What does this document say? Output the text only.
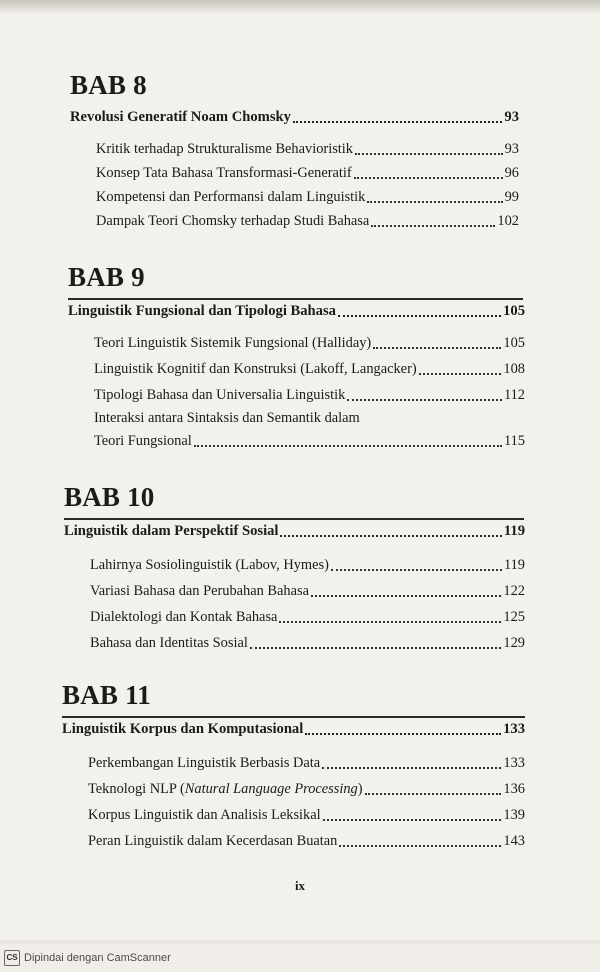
BAB 8
Revolusi Generatif Noam Chomsky	93
Kritik terhadap Strukturalisme Behavioristik	93
Konsep Tata Bahasa Transformasi-Generatif	96
Kompetensi dan Performansi dalam Linguistik	99
Dampak Teori Chomsky terhadap Studi Bahasa	102
BAB 9
Linguistik Fungsional dan Tipologi Bahasa	105
Teori Linguistik Sistemik Fungsional (Halliday)	105
Linguistik Kognitif dan Konstruksi (Lakoff, Langacker)	108
Tipologi Bahasa dan Universalia Linguistik	112
Interaksi antara Sintaksis dan Semantik dalam
Teori Fungsional	115
BAB 10
Linguistik dalam Perspektif Sosial	119
Lahirnya Sosiolinguistik (Labov, Hymes)	119
Variasi Bahasa dan Perubahan Bahasa	122
Dialektologi dan Kontak Bahasa	125
Bahasa dan Identitas Sosial	129
BAB 11
Linguistik Korpus dan Komputasional	133
Perkembangan Linguistik Berbasis Data	133
Teknologi NLP (Natural Language Processing)	136
Korpus Linguistik dan Analisis Leksikal	139
Peran Linguistik dalam Kecerdasan Buatan	143
ix
CS Dipindai dengan CamScanner
